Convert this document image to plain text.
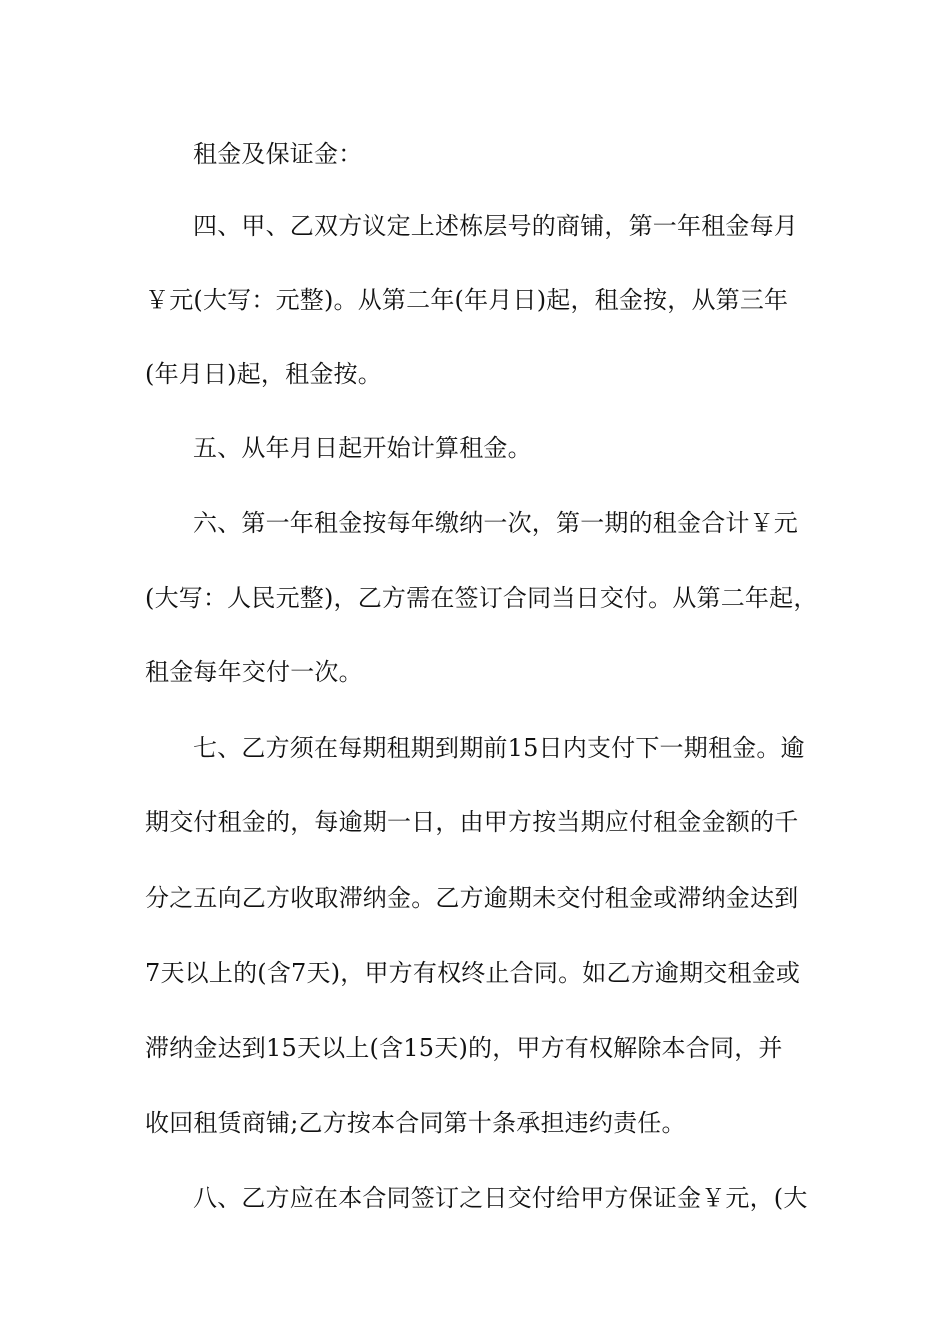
租金及保证金：
四、甲、乙双方议定上述栋层号的商铺，第一年租金每月
￥元(大写：元整)。从第二年(年月日)起，租金按，从第三年
(年月日)起，租金按。
五、从年月日起开始计算租金。
六、第一年租金按每年缴纳一次，第一期的租金合计￥元
(大写：人民元整)，乙方需在签订合同当日交付。从第二年起，
租金每年交付一次。
七、乙方须在每期租期到期前15日内支付下一期租金。逾
期交付租金的，每逾期一日，由甲方按当期应付租金金额的千
分之五向乙方收取滞纳金。乙方逾期未交付租金或滞纳金达到
7天以上的(含7天)，甲方有权终止合同。如乙方逾期交租金或
滞纳金达到15天以上(含15天)的，甲方有权解除本合同，并
收回租赁商铺;乙方按本合同第十条承担违约责任。
八、乙方应在本合同签订之日交付给甲方保证金￥元，(大
